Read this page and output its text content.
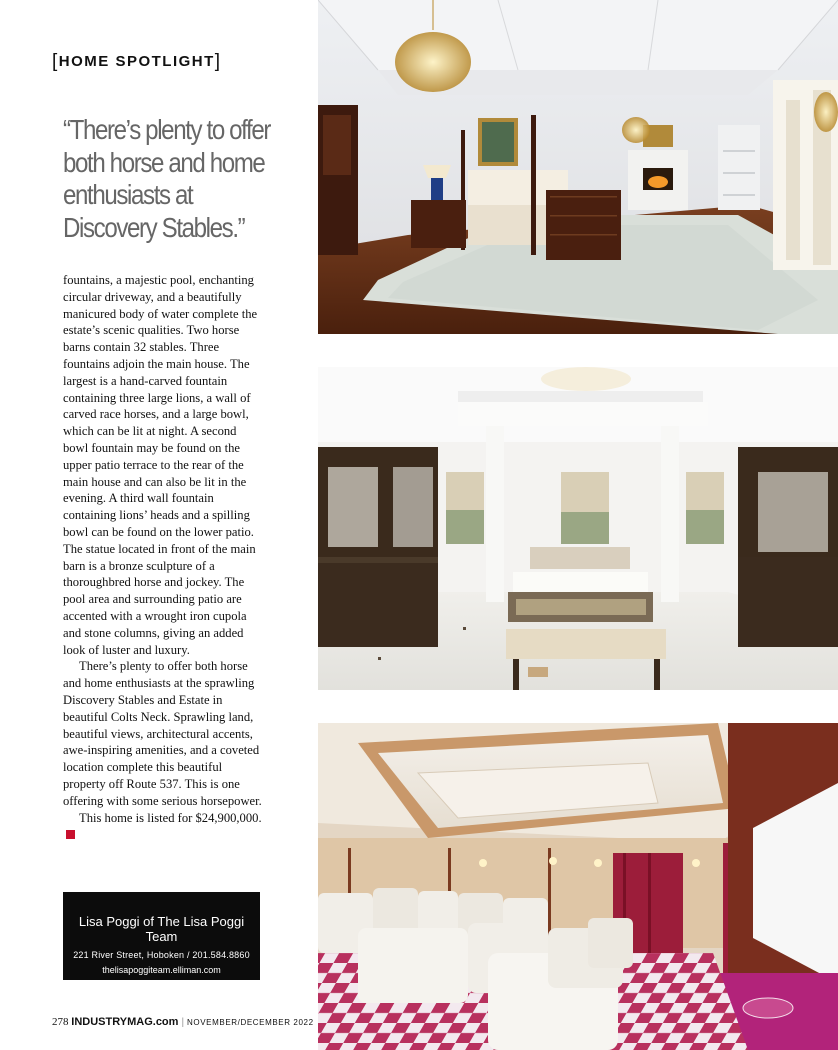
[HOME SPOTLIGHT]
“There’s plenty to offer both horse and home enthusiasts at Discovery Stables.”

fountains, a majestic pool, enchanting circular driveway, and a beautifully manicured body of water complete the estate’s scenic qualities. Two horse barns contain 32 stables. Three fountains adjoin the main house. The largest is a hand-carved fountain containing three large lions, a wall of carved race horses, and a large bowl, which can be lit at night. A second bowl fountain may be found on the upper patio terrace to the rear of the main house and can also be lit in the evening. A third wall fountain containing lions’ heads and a spilling bowl can be found on the lower patio. The statue located in front of the main barn is a bronze sculpture of a thoroughbred horse and jockey. The pool area and surrounding patio are accented with a wrought iron cupola and stone columns, giving an added look of luster and luxury.

There’s plenty to offer both horse and home enthusiasts at the sprawling Discovery Stables and Estate in beautiful Colts Neck. Sprawling land, beautiful views, architectural accents, awe-inspiring amenities, and a coveted location complete this beautiful property off Route 537. This is one offering with some serious horsepower.

This home is listed for $24,900,000.

Lisa Poggi of The Lisa Poggi Team
221 River Street, Hoboken / 201.584.8860
thelisapoggiteam.elliman.com
278 INDUSTRYMAG.com | NOVEMBER/DECEMBER 2022
